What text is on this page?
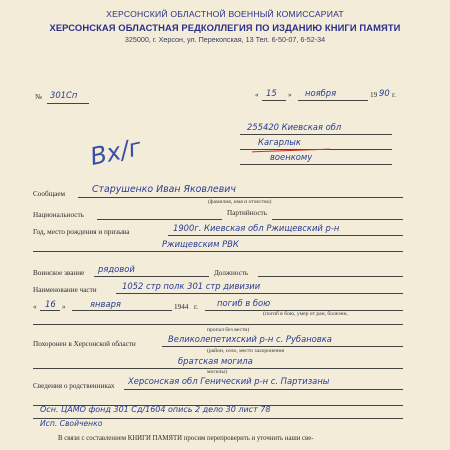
ХЕРСОНСКИЙ ОБЛАСТНОЙ ВОЕННЫЙ КОМИССАРИАТ
ХЕРСОНСКАЯ ОБЛАСТНАЯ РЕДКОЛЛЕГИЯ ПО ИЗДАНИЮ КНИГИ ПАМЯТИ
325000, г. Херсон, ул. Перекопская, 13 Тел. 6-50-07, 6-52-34
№ 301Сп	« 15 » ноября	19 90 г.
Вх/г
255420 Киевская обл
Кагарлык
военкому
Сообщаем	Старушенко Иван Яковлевич
(фамилия, имя и отчество)
Национальность	Партийность
Год, место рождения и призыва	1900г. Киевская обл Ржищевский р-н
Ржищевским РВК
Воинское звание рядовой	Должность
Наименование части	1052 стр полк 301 стр дивизии
« 16 »	января	1944 г. погиб в бою
(погиб в бою, умер от ран, болезни,
пропал без вести)
Похоронен в Херсонской области	Великолепетихский р-н с. Рубановка
(район, село, место захоронения
братская могила
могилы)
Сведения о родственниках Херсонская обл Генический р-н с. Партизаны
Осн. ЦАМО фонд 301 Сд/1604 опись 2 дело 30 лист 78
Исп. Свойченко
В связи с составлением КНИГИ ПАМЯТИ просим перепроверить и уточнить наши све-
